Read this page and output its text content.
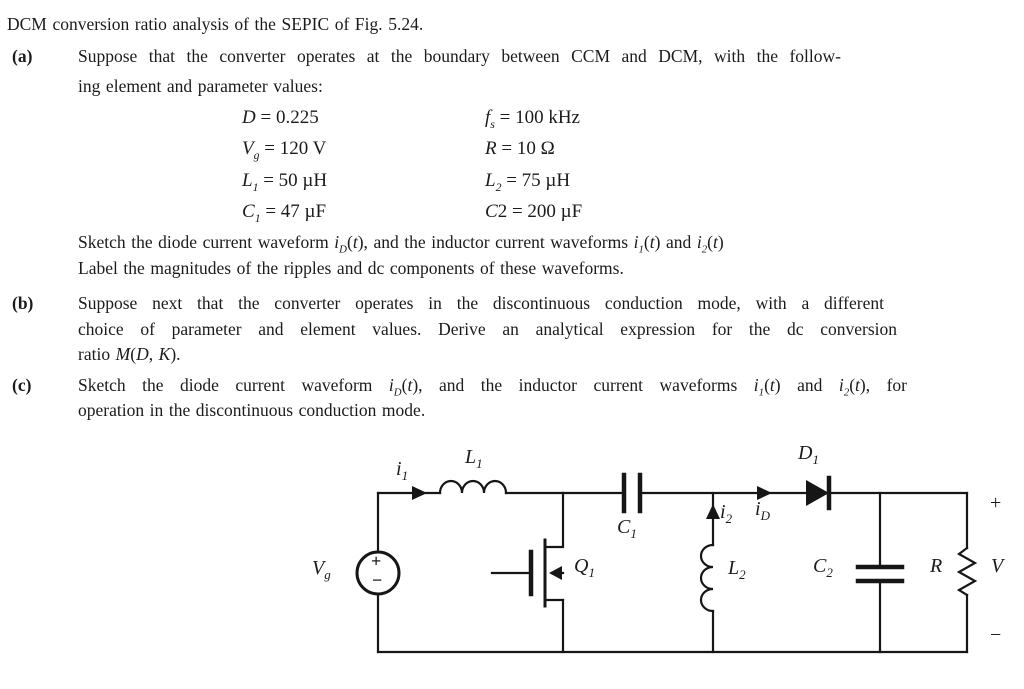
DCM conversion ratio analysis of the SEPIC of Fig. 5.24.
(a)	Suppose that the converter operates at the boundary between CCM and DCM, with the follow-
ing element and parameter values:
D = 0.225	$f_s = 100$ kHz
$V_g = 120$ V	R = 10 Ω
$L_1 = 50$ µH	$L_2 = 75$ µH
$C_1 = 47$ µF	C2 = 200 µF
Sketch the diode current waveform $i_D(t)$, and the inductor current waveforms $i_1(t)$ and $i_2(t)$
Label the magnitudes of the ripples and dc components of these waveforms.
(b)	Suppose next that the converter operates in the discontinuous conduction mode, with a different
choice of parameter and element values. Derive an analytical expression for the dc conversion
ratio M(D, K).
(c)	Sketch the diode current waveform $i_D(t)$, and the inductor current waveforms $i_1(t)$ and $i_2(t)$, for
operation in the discontinuous conduction mode.
$V_g$
+
−
$i_1$
$L_1$
$Q_1$
$C_1$
$i_2$ $i_D$
$L_2$
$D_1$
$C_2$	R V
+
−
